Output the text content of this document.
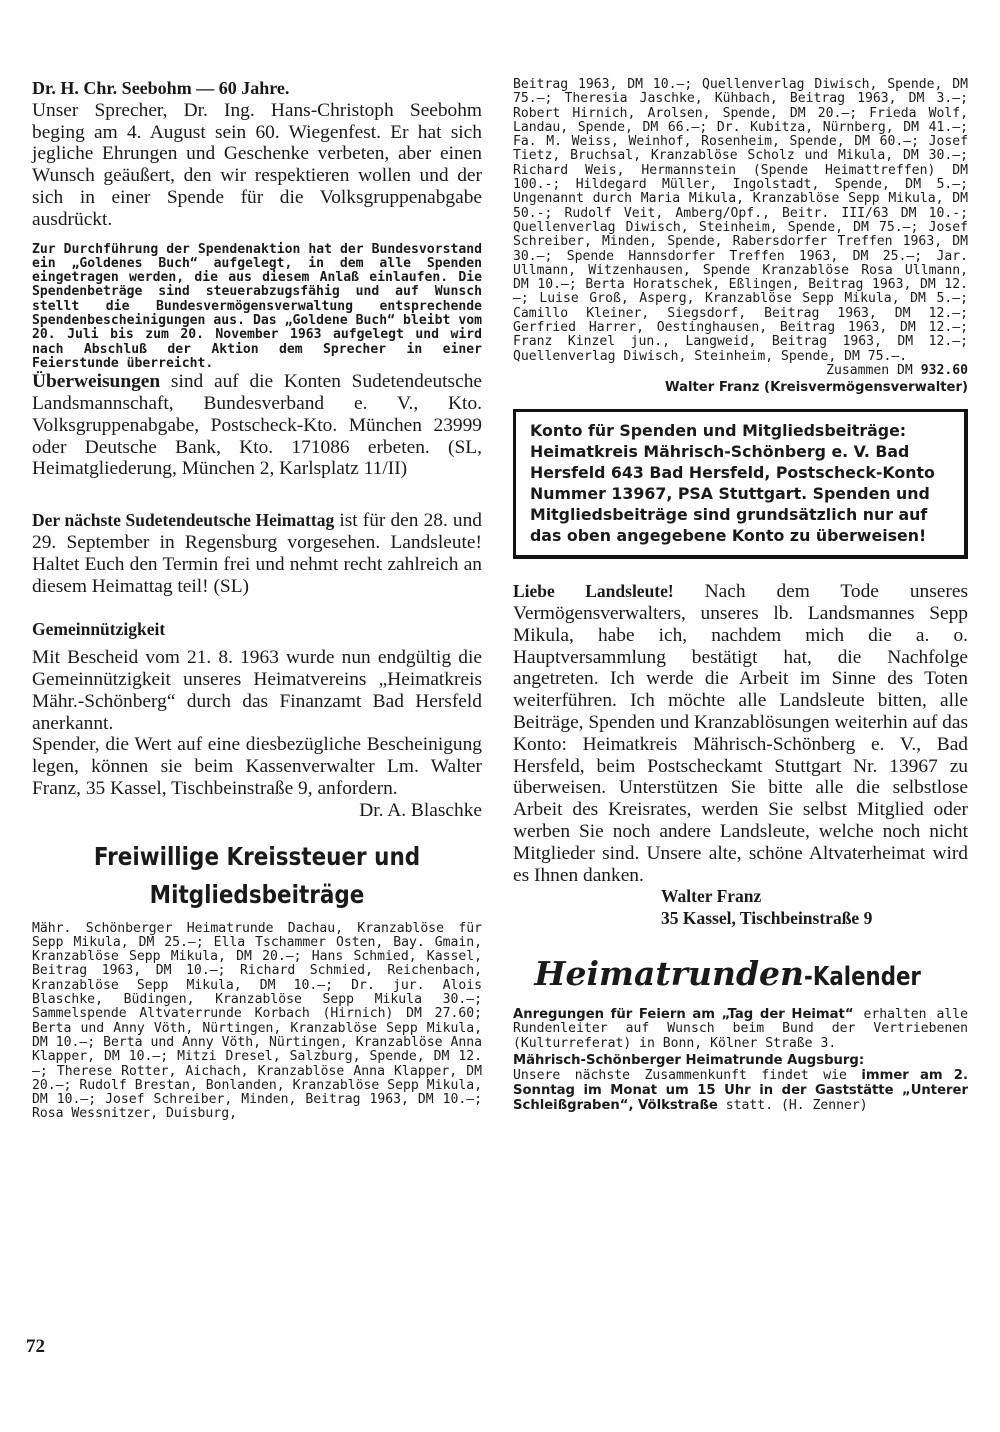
Dr. H. Chr. Seebohm — 60 Jahre.

Unser Sprecher, Dr. Ing. Hans-Christoph Seebohm beging am 4. August sein 60. Wiegenfest. Er hat sich jegliche Ehrungen und Geschenke verbeten, aber einen Wunsch geäußert, den wir respektieren wollen und der sich in einer Spende für die Volksgruppenabgabe ausdrückt.

Zur Durchführung der Spendenaktion hat der Bundesvorstand ein „Goldenes Buch“ aufgelegt, in dem alle Spenden eingetragen werden, die aus diesem Anlaß einlaufen. Die Spendenbeträge sind steuerabzugsfähig und auf Wunsch stellt die Bundesvermögensverwaltung entsprechende Spendenbescheinigungen aus. Das „Goldene Buch“ bleibt vom 20. Juli bis zum 20. November 1963 aufgelegt und wird nach Abschluß der Aktion dem Sprecher in einer Feierstunde überreicht.

Überweisungen sind auf die Konten Sudetendeutsche Landsmannschaft, Bundesverband e. V., Kto. Volksgruppenabgabe, Postscheck-Kto. München 23999 oder Deutsche Bank, Kto. 171086 erbeten. (SL, Heimatgliederung, München 2, Karlsplatz 11/II)

Der nächste Sudetendeutsche Heimattag ist für den 28. und 29. September in Regensburg vorgesehen. Landsleute! Haltet Euch den Termin frei und nehmt recht zahlreich an diesem Heimattag teil! (SL)

Gemeinnützigkeit

Mit Bescheid vom 21. 8. 1963 wurde nun endgültig die Gemeinnützigkeit unseres Heimatvereins „Heimatkreis Mähr.-Schönberg“ durch das Finanzamt Bad Hersfeld anerkannt.

Spender, die Wert auf eine diesbezügliche Bescheinigung legen, können sie beim Kassenverwalter Lm. Walter Franz, 35 Kassel, Tischbeinstraße 9, anfordern.

Dr. A. Blaschke

Freiwillige Kreissteuer und

Mitgliedsbeiträge

Mähr. Schönberger Heimatrunde Dachau, Kranzablöse für Sepp Mikula, DM 25.—; Ella Tschammer Osten, Bay. Gmain, Kranzablöse Sepp Mikula, DM 20.—; Hans Schmied, Kassel, Beitrag 1963, DM 10.—; Richard Schmied, Reichenbach, Kranzablöse Sepp Mikula, DM 10.—; Dr. jur. Alois Blaschke, Büdingen, Kranzablöse Sepp Mikula 30.—; Sammelspende Altvaterrunde Korbach (Hirnich) DM 27.60; Berta und Anny Vöth, Nürtingen, Kranzablöse Sepp Mikula, DM 10.—; Berta und Anny Vöth, Nürtingen, Kranzablöse Anna Klapper, DM 10.—; Mitzi Dresel, Salzburg, Spende, DM 12.—; Therese Rotter, Aichach, Kranzablöse Anna Klapper, DM 20.—; Rudolf Brestan, Bonlanden, Kranzablöse Sepp Mikula, DM 10.—; Josef Schreiber, Minden, Beitrag 1963, DM 10.—; Rosa Wessnitzer, Duisburg,

72

Beitrag 1963, DM 10.—; Quellenverlag Diwisch, Spende, DM 75.—; Theresia Jaschke, Kühbach, Beitrag 1963, DM 3.—; Robert Hirnich, Arolsen, Spende, DM 20.—; Frieda Wolf, Landau, Spende, DM 66.—; Dr. Kubitza, Nürnberg, DM 41.—; Fa. M. Weiss, Weinhof, Rosenheim, Spende, DM 60.—; Josef Tietz, Bruchsal, Kranzablöse Scholz und Mikula, DM 30.—; Richard Weis, Hermannstein (Spende Heimattreffen) DM 100.-; Hildegard Müller, Ingolstadt, Spende, DM 5.—; Ungenannt durch Maria Mikula, Kranzablöse Sepp Mikula, DM 50.-; Rudolf Veit, Amberg/Opf., Beitr. III/63 DM 10.-; Quellenverlag Diwisch, Steinheim, Spende, DM 75.—; Josef Schreiber, Minden, Spende, Rabersdorfer Treffen 1963, DM 30.—; Spende Hannsdorfer Treffen 1963, DM 25.—; Jar. Ullmann, Witzenhausen, Spende Kranzablöse Rosa Ullmann, DM 10.—; Berta Horatschek, Eßlingen, Beitrag 1963, DM 12.—; Luise Groß, Asperg, Kranzablöse Sepp Mikula, DM 5.—; Camillo Kleiner, Siegsdorf, Beitrag 1963, DM 12.—; Gerfried Harrer, Oestinghausen, Beitrag 1963, DM 12.—; Franz Kinzel jun., Langweid, Beitrag 1963, DM 12.—; Quellenverlag Diwisch, Steinheim, Spende, DM 75.—.

Zusammen DM 932.60

Walter Franz (Kreisvermögensverwalter)

Konto für Spenden und Mitgliedsbeiträge: Heimatkreis Mährisch-Schönberg e. V. Bad Hersfeld 643 Bad Hersfeld, Postscheck-Konto Nummer 13967, PSA Stuttgart. Spenden und Mitgliedsbeiträge sind grundsätzlich nur auf das oben angegebene Konto zu überweisen!

Liebe Landsleute! Nach dem Tode unseres Vermögensverwalters, unseres lb. Landsmannes Sepp Mikula, habe ich, nachdem mich die a. o. Hauptversammlung bestätigt hat, die Nachfolge angetreten. Ich werde die Arbeit im Sinne des Toten weiterführen. Ich möchte alle Landsleute bitten, alle Beiträge, Spenden und Kranzablösungen weiterhin auf das Konto: Heimatkreis Mährisch-Schönberg e. V., Bad Hersfeld, beim Postscheckamt Stuttgart Nr. 13967 zu überweisen. Unterstützen Sie bitte alle die selbstlose Arbeit des Kreisrates, werden Sie selbst Mitglied oder werben Sie noch andere Landsleute, welche noch nicht Mitglieder sind. Unsere alte, schöne Altvaterheimat wird es Ihnen danken.

Walter Franz

35 Kassel, Tischbeinstraße 9

Heimatrunden-Kalender

Anregungen für Feiern am „Tag der Heimat“ erhalten alle Rundenleiter auf Wunsch beim Bund der Vertriebenen (Kulturreferat) in Bonn, Kölner Straße 3.

Mährisch-Schönberger Heimatrunde Augsburg:

Unsere nächste Zusammenkunft findet wie immer am 2. Sonntag im Monat um 15 Uhr in der Gaststätte „Unterer Schleißgraben“, Völkstraße statt. (H. Zenner)
